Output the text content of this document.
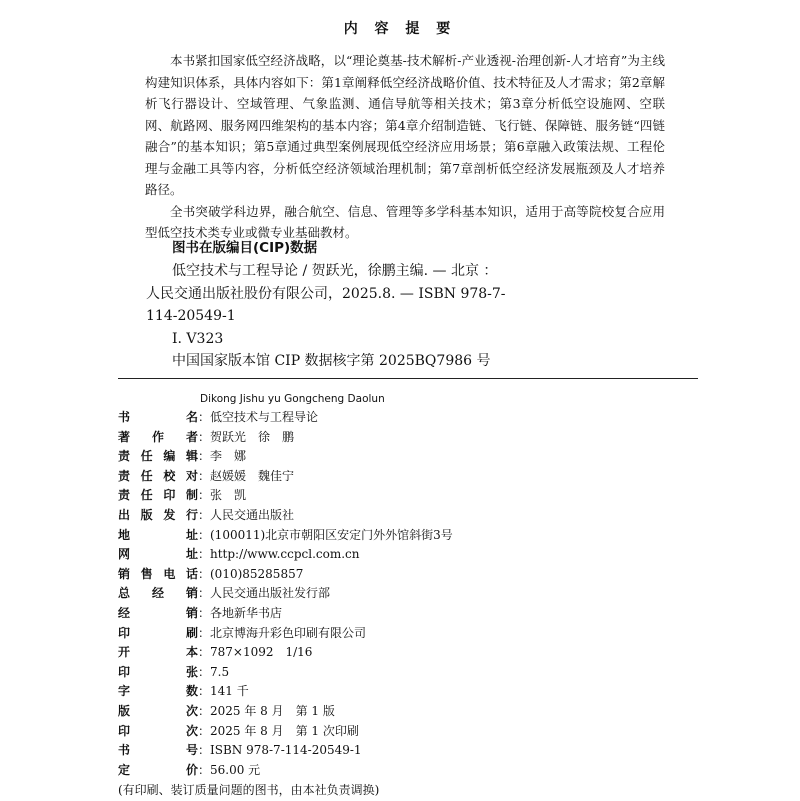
内 容 提 要

本书紧扣国家低空经济战略，以“理论奠基-技术解析-产业透视-治理创新-人才培育”为主线构建知识体系，具体内容如下：第1章阐释低空经济战略价值、技术特征及人才需求；第2章解析飞行器设计、空域管理、气象监测、通信导航等相关技术；第3章分析低空设施网、空联网、航路网、服务网四维架构的基本内容；第4章介绍制造链、飞行链、保障链、服务链“四链融合”的基本知识；第5章通过典型案例展现低空经济应用场景；第6章融入政策法规、工程伦理与金融工具等内容，分析低空经济领域治理机制；第7章剖析低空经济发展瓶颈及人才培养路径。

全书突破学科边界，融合航空、信息、管理等多学科基本知识，适用于高等院校复合应用型低空技术类专业或微专业基础教材。

图书在版编目(CIP)数据
低空技术与工程导论 / 贺跃光，徐鹏主编. — 北京 ：
人民交通出版社股份有限公司，2025.8. — ISBN 978-7-
114-20549-1
Ⅰ. V323
中国国家版本馆 CIP 数据核字第 2025BQ7986 号
Dikong Jishu yu Gongcheng Daolun
书　　名 ：低空技术与工程导论
著　作　者 ：贺跃光　徐　鹏
责任编辑 ：李　娜
责任校对 ：赵媛媛　魏佳宁
责任印制 ：张　凯
出版发行 ：人民交通出版社
地　　址 ：(100011)北京市朝阳区安定门外外馆斜街3号
网　　址 ：http://www.ccpcl.com.cn
销售电话 ：(010)85285857
总　经　销 ：人民交通出版社发行部
经　　销 ：各地新华书店
印　　刷 ：北京博海升彩色印刷有限公司
开　　本 ：787×1092　1/16
印　　张 ：7.5
字　　数 ：141 千
版　　次 ：2025 年 8 月　第 1 版
印　　次 ：2025 年 8 月　第 1 次印刷
书　　号 ：ISBN 978-7-114-20549-1
定　　价 ：56.00 元
(有印刷、装订质量问题的图书，由本社负责调换)
